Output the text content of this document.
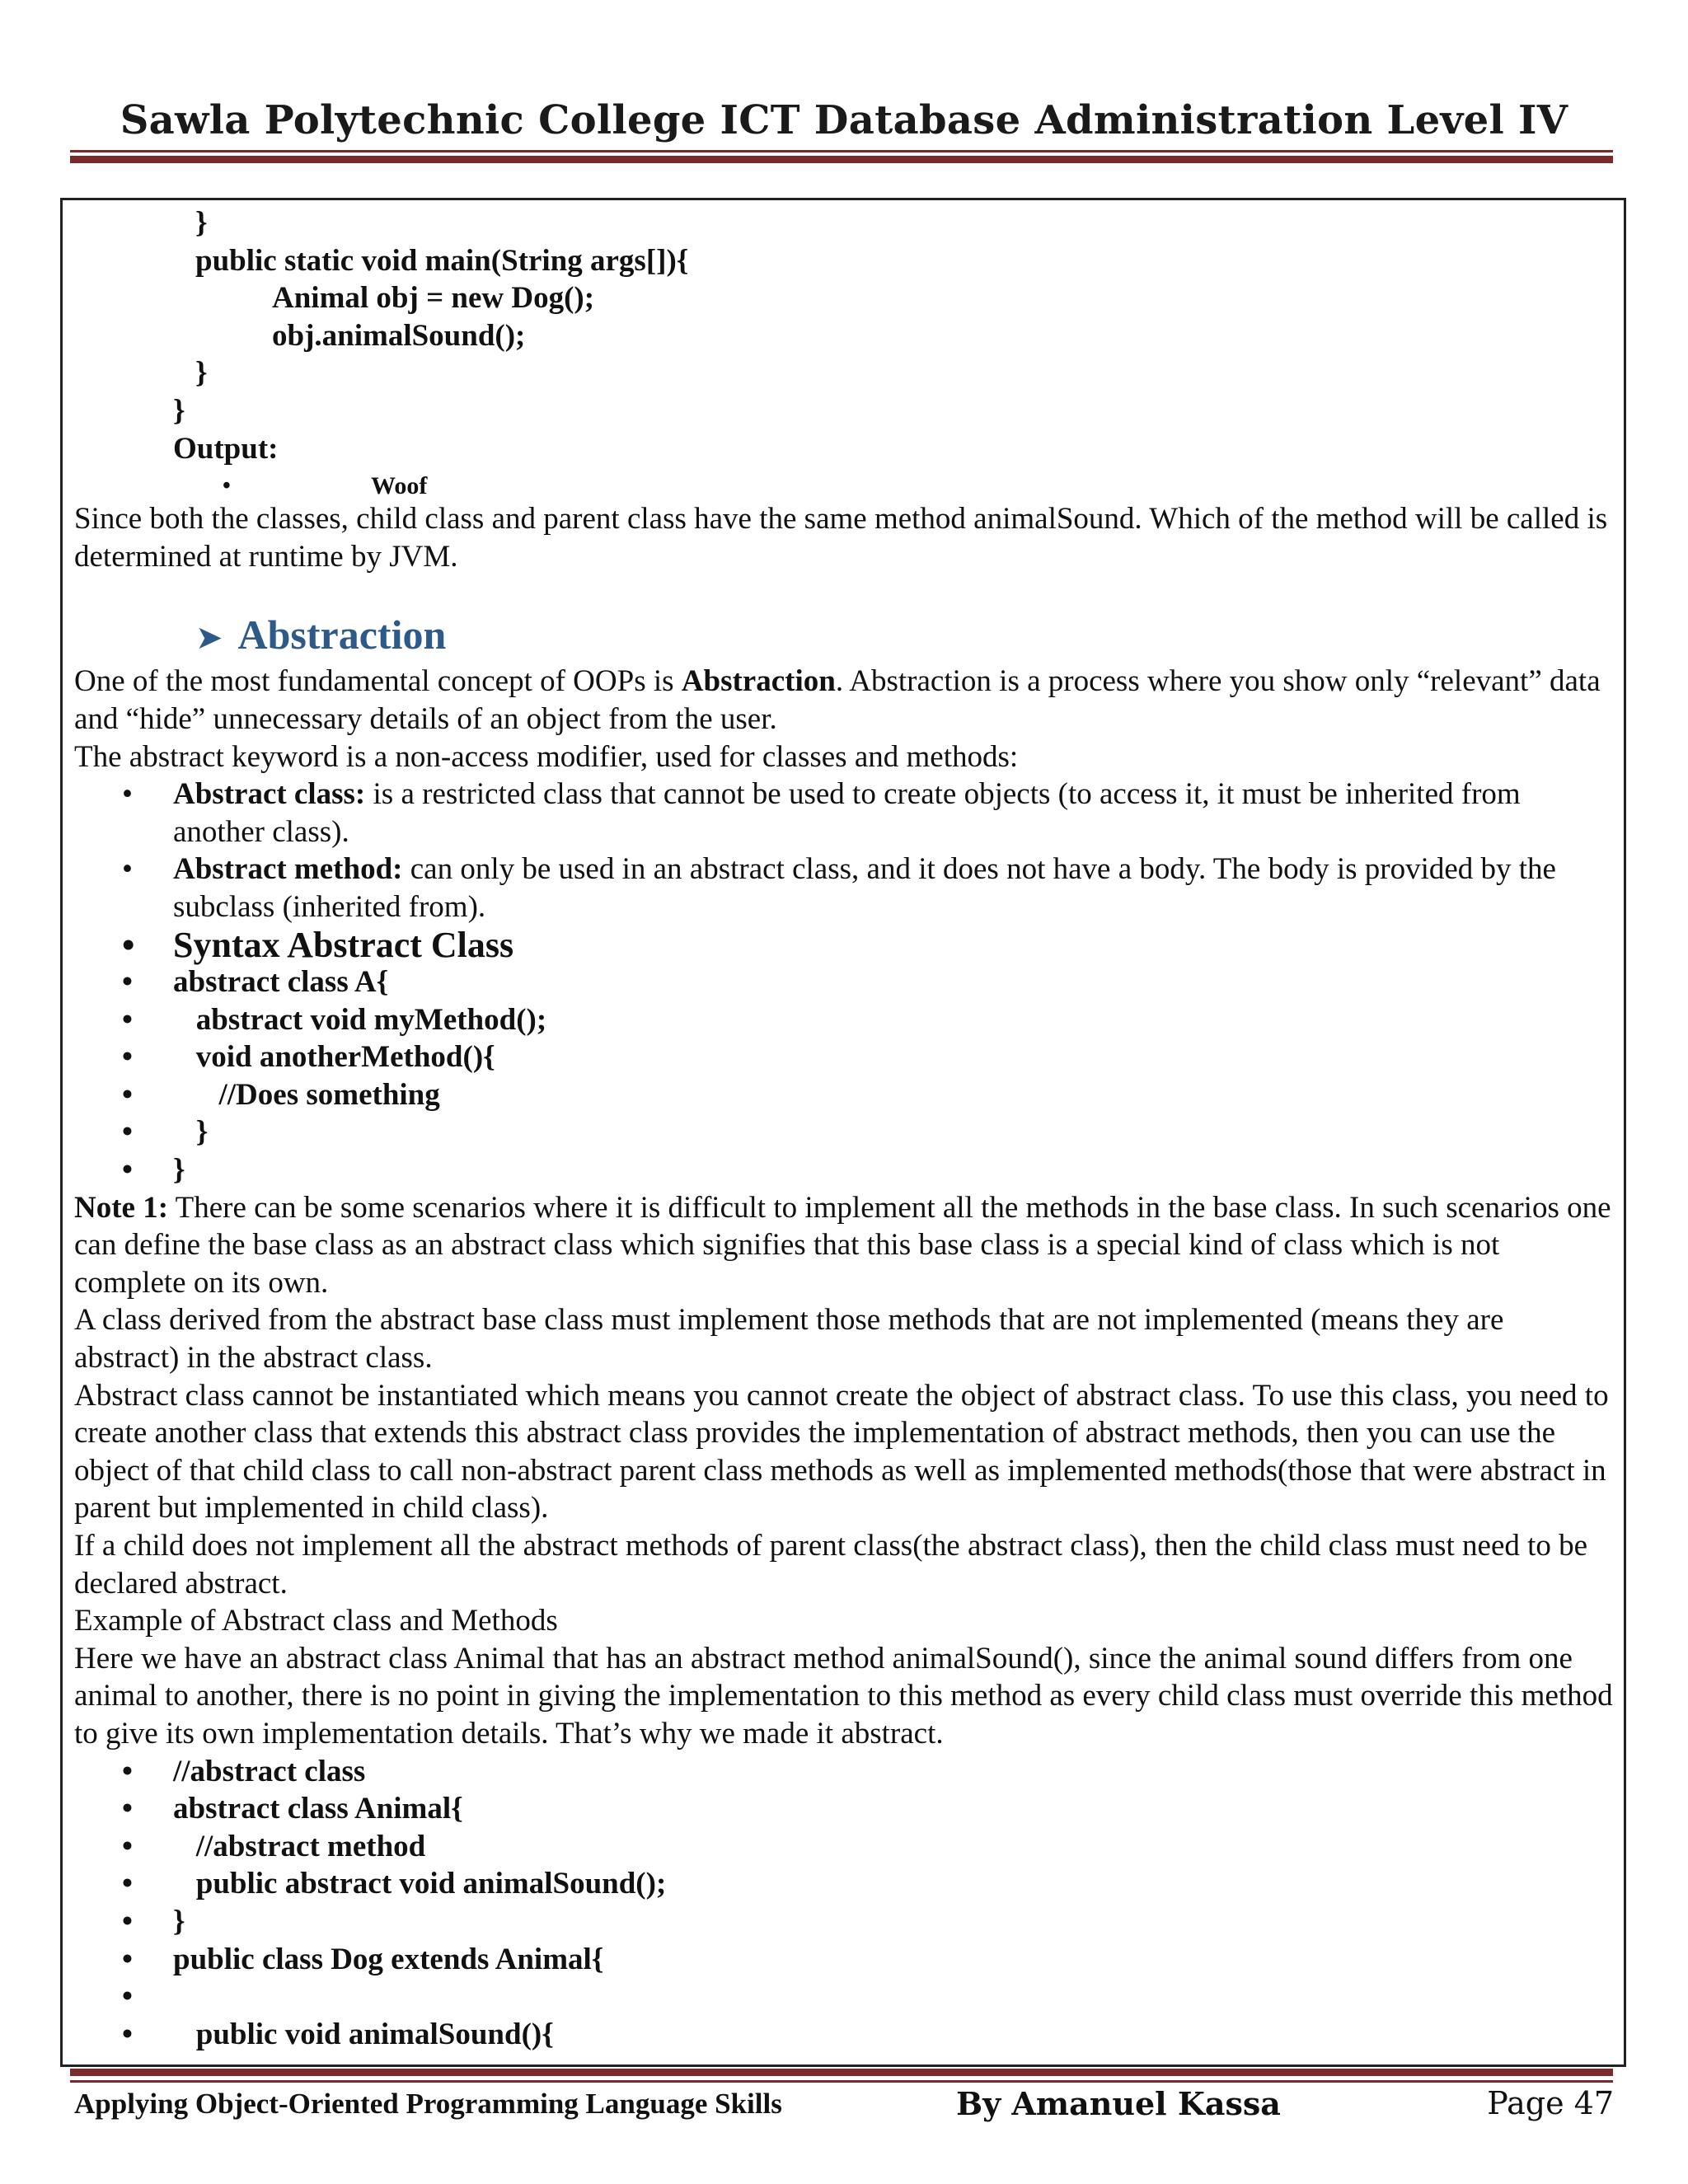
Sawla Polytechnic College ICT Database Administration Level IV

}

public static void main(String args[]){

Animal obj = new Dog();

obj.animalSound();

}

}

Output:

•	Woof

Since both the classes, child class and parent class have the same method animalSound. Which of the method will be called is determined at runtime by JVM.

➤ Abstraction

One of the most fundamental concept of OOPs is Abstraction. Abstraction is a process where you show only “relevant” data and “hide” unnecessary details of an object from the user.

The abstract keyword is a non-access modifier, used for classes and methods:

• Abstract class: is a restricted class that cannot be used to create objects (to access it, it must be inherited from another class).
• Abstract method: can only be used in an abstract class, and it does not have a body. The body is provided by the subclass (inherited from).
• Syntax Abstract Class
• abstract class A{
• abstract void myMethod();
• void anotherMethod(){
• //Does something
• }
• }

Note 1: There can be some scenarios where it is difficult to implement all the methods in the base class. In such scenarios one can define the base class as an abstract class which signifies that this base class is a special kind of class which is not complete on its own.

A class derived from the abstract base class must implement those methods that are not implemented (means they are abstract) in the abstract class.

Abstract class cannot be instantiated which means you cannot create the object of abstract class. To use this class, you need to create another class that extends this abstract class provides the implementation of abstract methods, then you can use the object of that child class to call non-abstract parent class methods as well as implemented methods(those that were abstract in parent but implemented in child class).

If a child does not implement all the abstract methods of parent class(the abstract class), then the child class must need to be declared abstract.

Example of Abstract class and Methods

Here we have an abstract class Animal that has an abstract method animalSound(), since the animal sound differs from one animal to another, there is no point in giving the implementation to this method as every child class must override this method to give its own implementation details. That’s why we made it abstract.

• //abstract class
• abstract class Animal{
• //abstract method
• public abstract void animalSound();
• }
• public class Dog extends Animal{
•
• public void animalSound(){
Applying Object-Oriented Programming Language Skills	By Amanuel Kassa	Page 47
